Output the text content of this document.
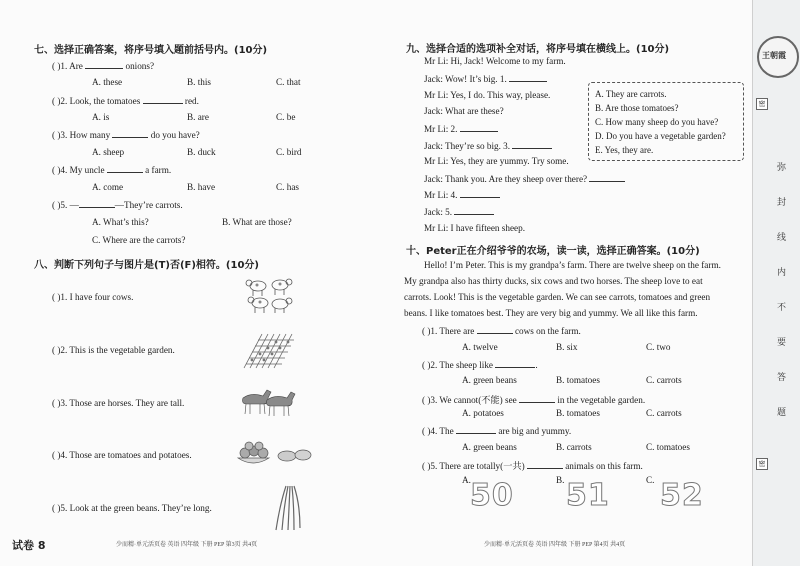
七、选择正确答案，将序号填入题前括号内。(10分)
( )1. Are	onions?
A. these	B. this	C. that
( )2. Look, the tomatoes	red.
A. is	B. are	C. be
( )3. How many	do you have?
A. sheep	B. duck	C. bird
( )4. My uncle	a farm.
A. come	B. have	C. has
( )5. —	—They’re carrots.
A. What’s this?	B. What are those?
C. Where are the carrots?
八、判断下列句子与图片是(T)否(F)相符。(10分)
( )1. I have four cows.
( )2. This is the vegetable garden.
( )3. Those are horses. They are tall.
( )4. Those are tomatoes and potatoes.
( )5. Look at the green beans. They’re long.
少而精·单元活页卷 英语 四年级 下册 PEP 第3页 共4页
试卷 8
九、选择合适的选项补全对话，将序号填在横线上。(10分)
Mr Li: Hi, Jack! Welcome to my farm.
Jack: Wow! It’s big. 1.
Mr Li: Yes, I do. This way, please.
Jack: What are these?
Mr Li: 2.
Jack: They’re so big. 3.
Mr Li: Yes, they are yummy. Try some.
Jack: Thank you. Are they sheep over there?
Mr Li: 4.
Jack: 5.
Mr Li: I have fifteen sheep.
A. They are carrots.
B. Are those tomatoes?
C. How many sheep do you have?
D. Do you have a vegetable garden?
E. Yes, they are.
十、Peter正在介绍爷爷的农场，读一读，选择正确答案。(10分)
Hello! I’m Peter. This is my grandpa’s farm. There are twelve sheep on the farm.
My grandpa also has thirty ducks, six cows and two horses. The sheep love to eat
carrots. Look! This is the vegetable garden. We can see carrots, tomatoes and green
beans. I like tomatoes best. They are very big and yummy. We all like this farm.
( )1. There are	cows on the farm.
A. twelve	B. six	C. two
( )2. The sheep like	.
A. green beans	B. tomatoes	C. carrots
( )3. We cannot(不能) see	in the vegetable garden.
A. potatoes	B. tomatoes	C. carrots
( )4. The	are big and yummy.
A. green beans	B. carrots	C. tomatoes
( )5. There are totally(一共)	animals on this farm.
A.	B.	C.
50 51 52
少而精·单元活页卷 英语 四年级 下册 PEP 第4页 共4页
王朝霞
密
密
弥
封
线
内
不
要
答
题
